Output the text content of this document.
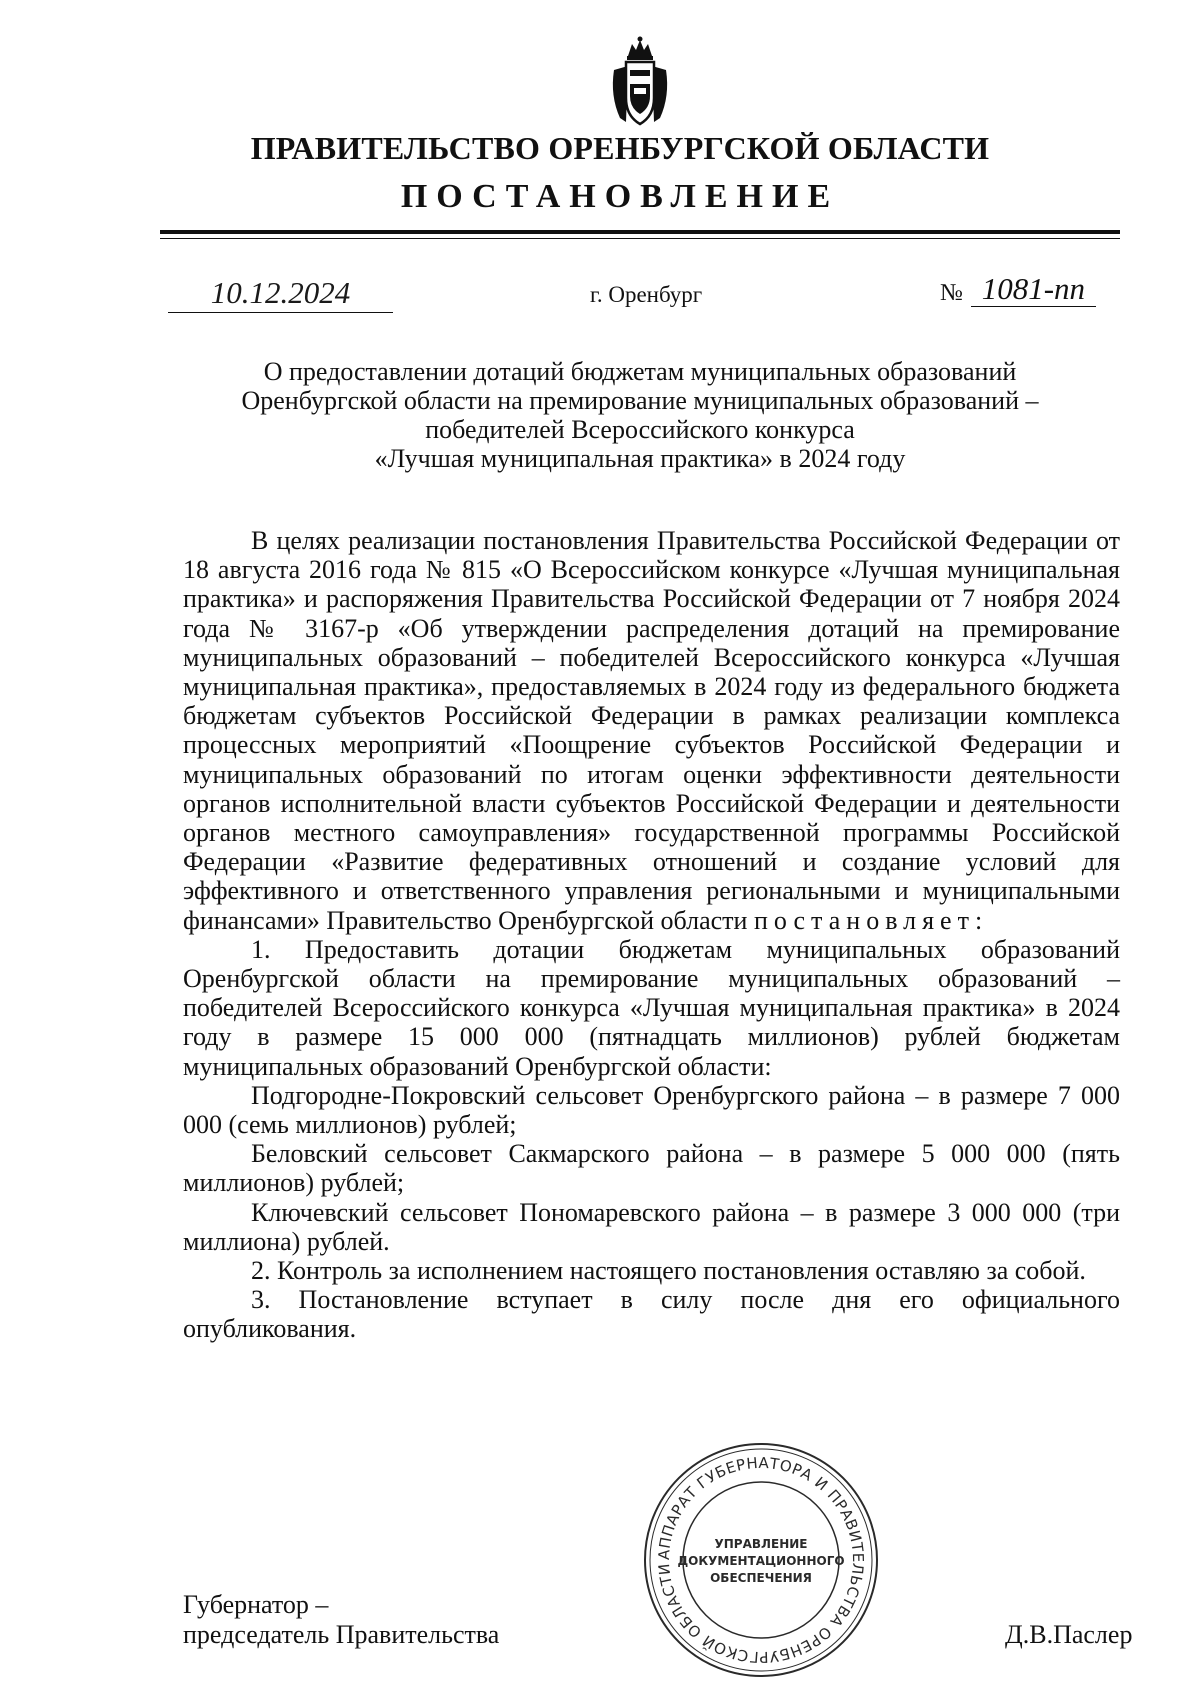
ПРАВИТЕЛЬСТВО ОРЕНБУРГСКОЙ ОБЛАСТИ
ПОСТАНОВЛЕНИЕ
10.12.2024	г. Оренбург	№ 1081-пп
О предоставлении дотаций бюджетам муниципальных образований
Оренбургской области на премирование муниципальных образований –
победителей Всероссийского конкурса
«Лучшая муниципальная практика» в 2024 году

В целях реализации постановления Правительства Российской Федерации от 18 августа 2016 года № 815 «О Всероссийском конкурсе «Лучшая муниципальная практика» и распоряжения Правительства Российской Федерации от 7 ноября 2024 года № 3167-р «Об утверждении распределения дотаций на премирование муниципальных образований – победителей Всероссийского конкурса «Лучшая муниципальная практика», предоставляемых в 2024 году из федерального бюджета бюджетам субъектов Российской Федерации в рамках реализации комплекса процессных мероприятий «Поощрение субъектов Российской Федерации и муниципальных образований по итогам оценки эффективности деятельности органов исполнительной власти субъектов Российской Федерации и деятельности органов местного самоуправления» государственной программы Российской Федерации «Развитие федеративных отношений и создание условий для эффективного и ответственного управления региональными и муниципальными финансами» Правительство Оренбургской области постановляет:

1. Предоставить дотации бюджетам муниципальных образований Оренбургской области на премирование муниципальных образований – победителей Всероссийского конкурса «Лучшая муниципальная практика» в 2024 году в размере 15 000 000 (пятнадцать миллионов) рублей бюджетам муниципальных образований Оренбургской области:

Подгородне-Покровский сельсовет Оренбургского района – в размере 7 000 000 (семь миллионов) рублей;

Беловский сельсовет Сакмарского района – в размере 5 000 000 (пять миллионов) рублей;

Ключевский сельсовет Пономаревского района – в размере 3 000 000 (три миллиона) рублей.

2. Контроль за исполнением настоящего постановления оставляю за собой.

3. Постановление вступает в силу после дня его официального опубликования.

АППАРАТ ГУБЕРНАТОРА И ПРАВИТЕЛЬСТВА ОРЕНБУРГСКОЙ ОБЛАСТИ
УПРАВЛЕНИЕ
ДОКУМЕНТАЦИОННОГО
ОБЕСПЕЧЕНИЯ
Губернатор –
председатель Правительства	Д.В.Паслер
